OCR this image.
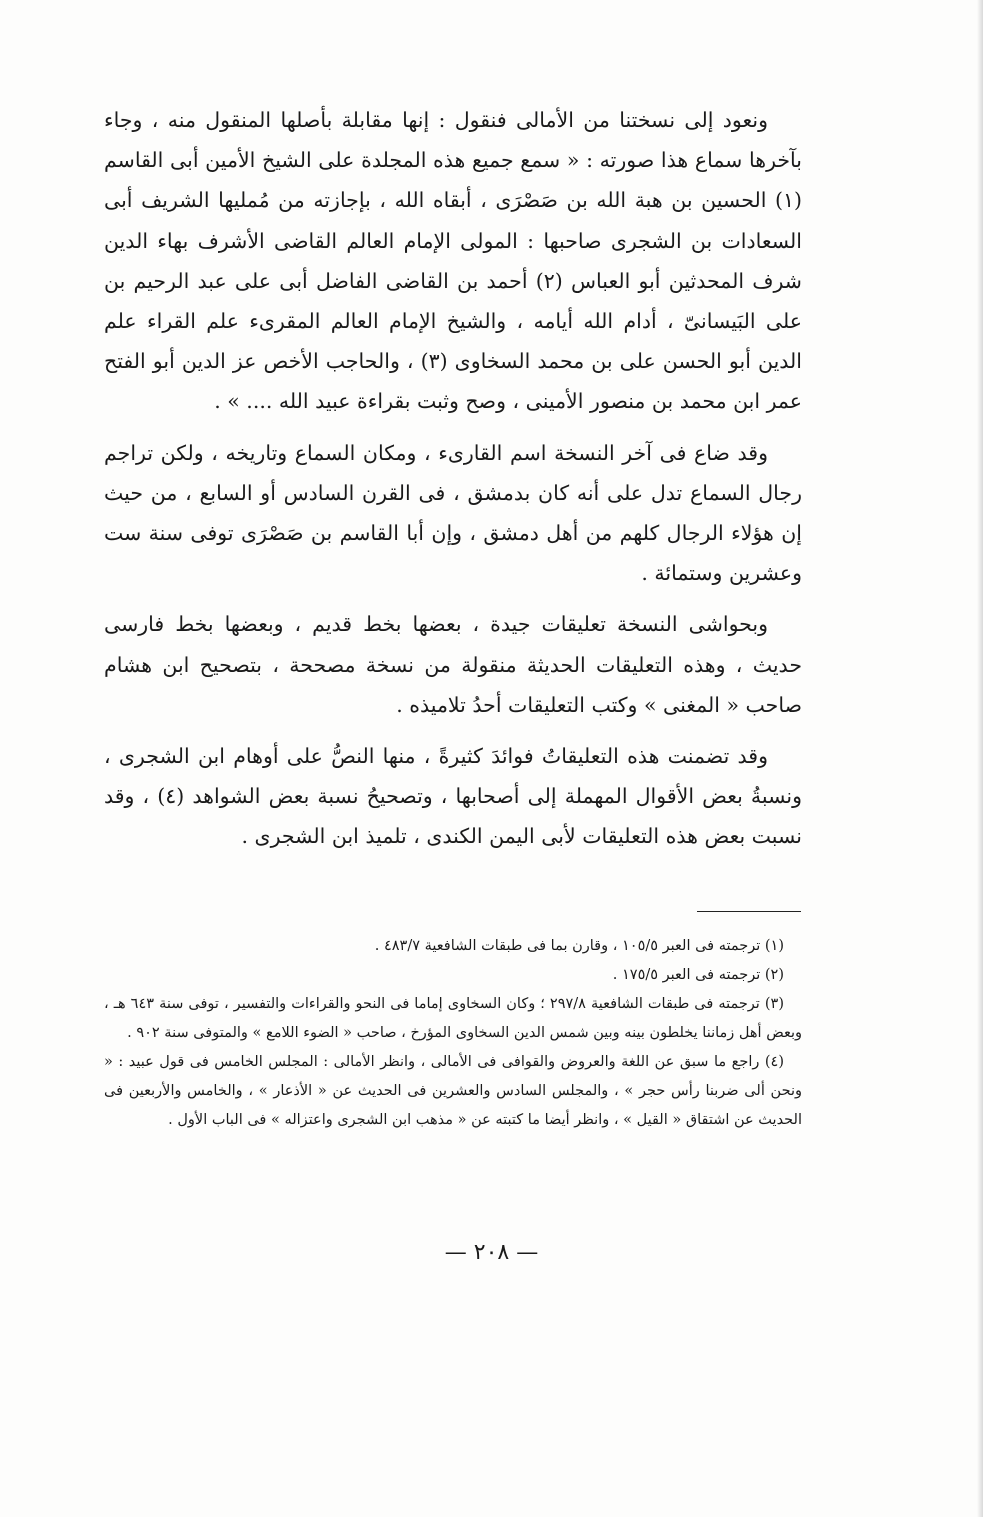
ونعود إلى نسختنا من الأمالى فنقول : إنها مقابلة بأصلها المنقول منه ، وجاء بآخرها سماع هذا صورته : « سمع جميع هذه المجلدة على الشيخ الأمين أبى القاسم (١) الحسين بن هبة الله بن صَصْرَى ، أبقاه الله ، بإجازته من مُمليها الشريف أبى السعادات بن الشجرى صاحبها : المولى الإمام العالم القاضى الأشرف بهاء الدين شرف المحدثين أبو العباس (٢) أحمد بن القاضى الفاضل أبى على عبد الرحيم بن على البَيسانىّ ، أدام الله أيامه ، والشيخ الإمام العالم المقرىء علم القراء علم الدين أبو الحسن على بن محمد السخاوى (٣) ، والحاجب الأخص عز الدين أبو الفتح عمر ابن محمد بن منصور الأمينى ، وصح وثبت بقراءة عبيد الله .... » .

وقد ضاع فى آخر النسخة اسم القارىء ، ومكان السماع وتاريخه ، ولكن تراجم رجال السماع تدل على أنه كان بدمشق ، فى القرن السادس أو السابع ، من حيث إن هؤلاء الرجال كلهم من أهل دمشق ، وإن أبا القاسم بن صَصْرَى توفى سنة ست وعشرين وستمائة .

وبحواشى النسخة تعليقات جيدة ، بعضها بخط قديم ، وبعضها بخط فارسى حديث ، وهذه التعليقات الحديثة منقولة من نسخة مصححة ، بتصحيح ابن هشام صاحب « المغنى » وكتب التعليقات أحدُ تلاميذه .

وقد تضمنت هذه التعليقاتُ فوائدَ كثيرةً ، منها النصُّ على أوهام ابن الشجرى ، ونسبةُ بعض الأقوال المهملة إلى أصحابها ، وتصحيحُ نسبة بعض الشواهد (٤) ، وقد نسبت بعض هذه التعليقات لأبى اليمن الكندى ، تلميذ ابن الشجرى .

(١) ترجمته فى العبر ١٠٥/٥ ، وقارن بما فى طبقات الشافعية ٤٨٣/٧ .

(٢) ترجمته فى العبر ١٧٥/٥ .

(٣) ترجمته فى طبقات الشافعية ٢٩٧/٨ ؛ وكان السخاوى إماما فى النحو والقراءات والتفسير ، توفى سنة ٦٤٣ هـ ، وبعض أهل زماننا يخلطون بينه وبين شمس الدين السخاوى المؤرخ ، صاحب « الضوء اللامع » والمتوفى سنة ٩٠٢ .

(٤) راجع ما سبق عن اللغة والعروض والقوافى فى الأمالى ، وانظر الأمالى : المجلس الخامس فى قول عبيد : « ونحن ألى ضربنا رأس حجر » ، والمجلس السادس والعشرين فى الحديث عن « الأذعار » ، والخامس والأربعين فى الحديث عن اشتقاق « القيل » ، وانظر أيضا ما كتبته عن « مذهب ابن الشجرى واعتزاله » فى الباب الأول .

— ٢٠٨ —
